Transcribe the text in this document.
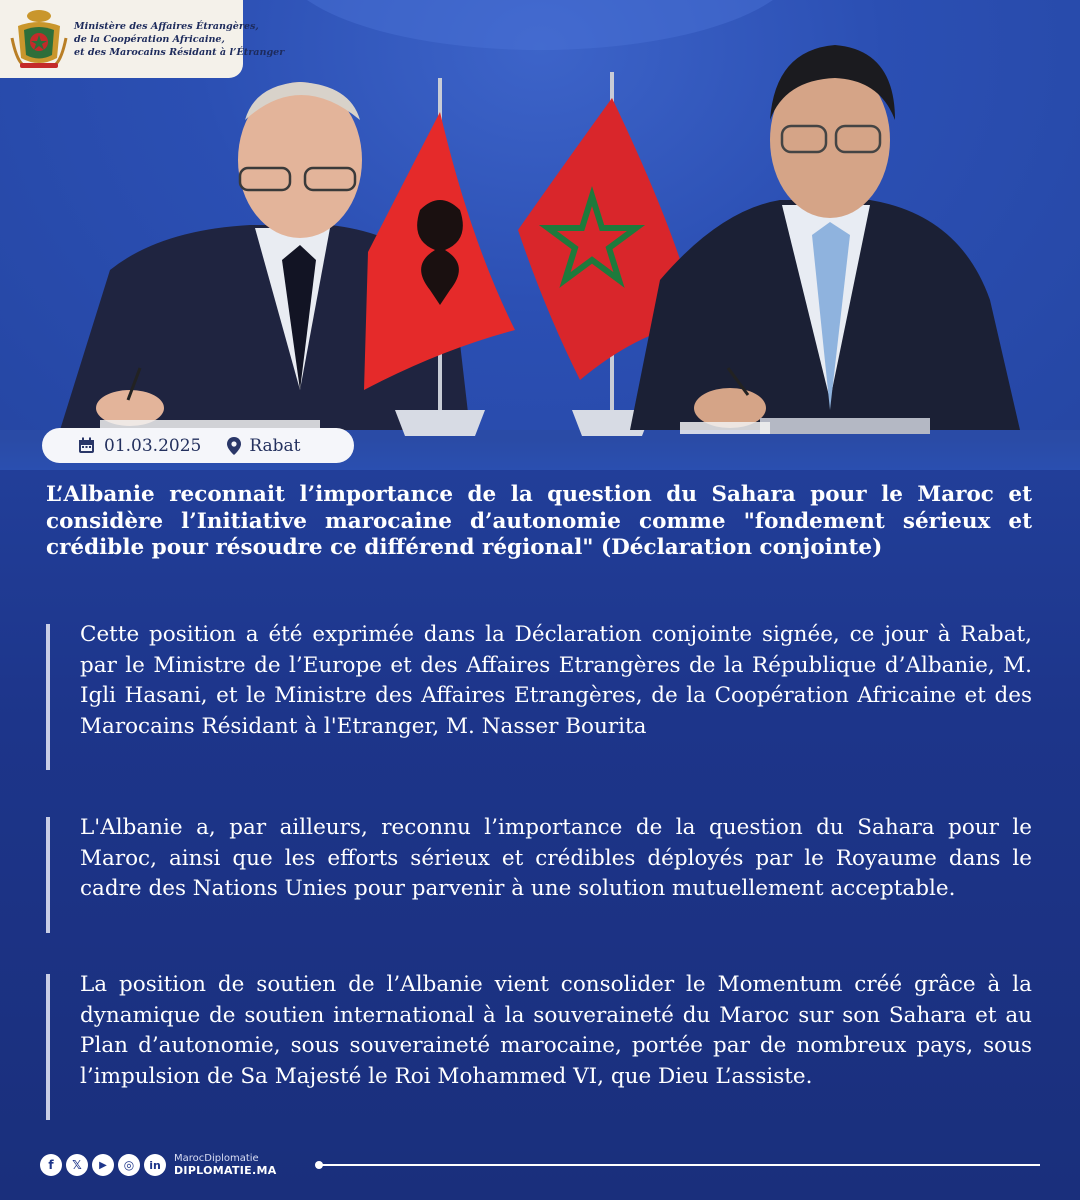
Ministère des Affaires Étrangères,
de la Coopération Africaine,
et des Marocains Résidant à l’Étranger
01.03.2025	Rabat
L’Albanie reconnait l’importance de la question du Sahara pour le Maroc et considère l’Initiative marocaine d’autonomie comme "fondement sérieux et crédible pour résoudre ce différend régional" (Déclaration conjointe)

Cette position a été exprimée dans la Déclaration conjointe signée, ce jour à Rabat, par le Ministre de l’Europe et des Affaires Etrangères de la République d’Albanie, M. Igli Hasani, et le Ministre des Affaires Etrangères, de la Coopération Africaine et des Marocains Résidant à l'Etranger, M. Nasser Bourita

L'Albanie a, par ailleurs, reconnu l’importance de la question du Sahara pour le Maroc, ainsi que les efforts sérieux et crédibles déployés par le Royaume dans le cadre des Nations Unies pour parvenir à une solution mutuellement acceptable.

La position de soutien de l’Albanie vient consolider le Momentum créé grâce à la dynamique de soutien international à la souveraineté du Maroc sur son Sahara et au Plan d’autonomie, sous souveraineté marocaine, portée par de nombreux pays, sous l’impulsion de Sa Majesté le Roi Mohammed VI, que Dieu L’assiste.

f	𝕏	▶	◎	in	MarocDiplomatie
DIPLOMATIE.MA
